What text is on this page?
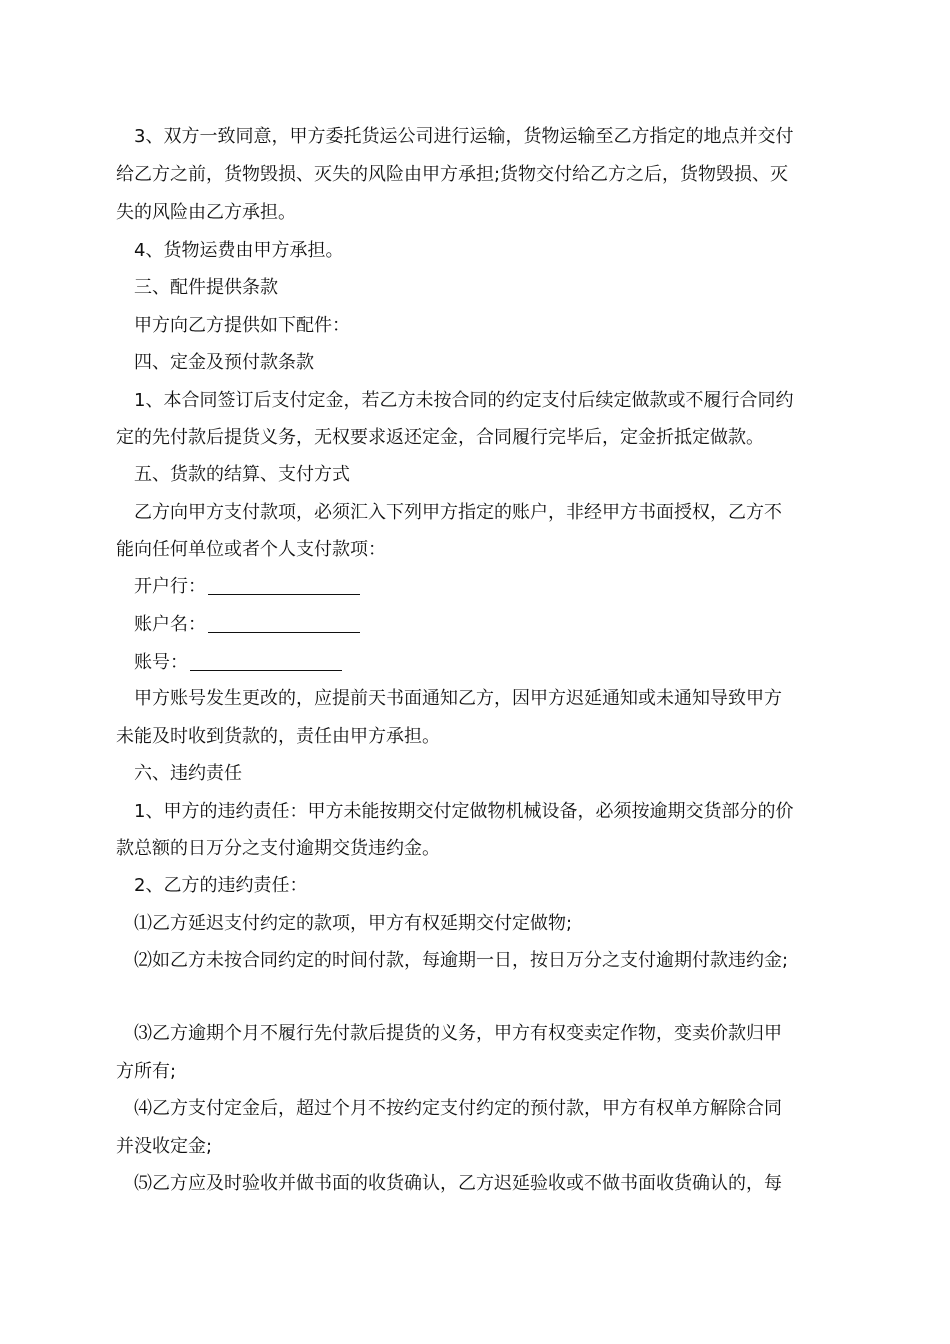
3、双方一致同意，甲方委托货运公司进行运输，货物运输至乙方指定的地点并交付
给乙方之前，货物毁损、灭失的风险由甲方承担;货物交付给乙方之后，货物毁损、灭
失的风险由乙方承担。
4、货物运费由甲方承担。
三、配件提供条款
甲方向乙方提供如下配件：
四、定金及预付款条款
1、本合同签订后支付定金，若乙方未按合同的约定支付后续定做款或不履行合同约
定的先付款后提货义务，无权要求返还定金，合同履行完毕后，定金折抵定做款。
五、货款的结算、支付方式
乙方向甲方支付款项，必须汇入下列甲方指定的账户，非经甲方书面授权，乙方不
能向任何单位或者个人支付款项：
开户行：
账户名：
账号：
甲方账号发生更改的，应提前天书面通知乙方，因甲方迟延通知或未通知导致甲方
未能及时收到货款的，责任由甲方承担。
六、违约责任
1、甲方的违约责任：甲方未能按期交付定做物机械设备，必须按逾期交货部分的价
款总额的日万分之支付逾期交货违约金。
2、乙方的违约责任：
⑴乙方延迟支付约定的款项，甲方有权延期交付定做物;
⑵如乙方未按合同约定的时间付款，每逾期一日，按日万分之支付逾期付款违约金;
⑶乙方逾期个月不履行先付款后提货的义务，甲方有权变卖定作物，变卖价款归甲
方所有;
⑷乙方支付定金后，超过个月不按约定支付约定的预付款，甲方有权单方解除合同
并没收定金;
⑸乙方应及时验收并做书面的收货确认，乙方迟延验收或不做书面收货确认的，每
